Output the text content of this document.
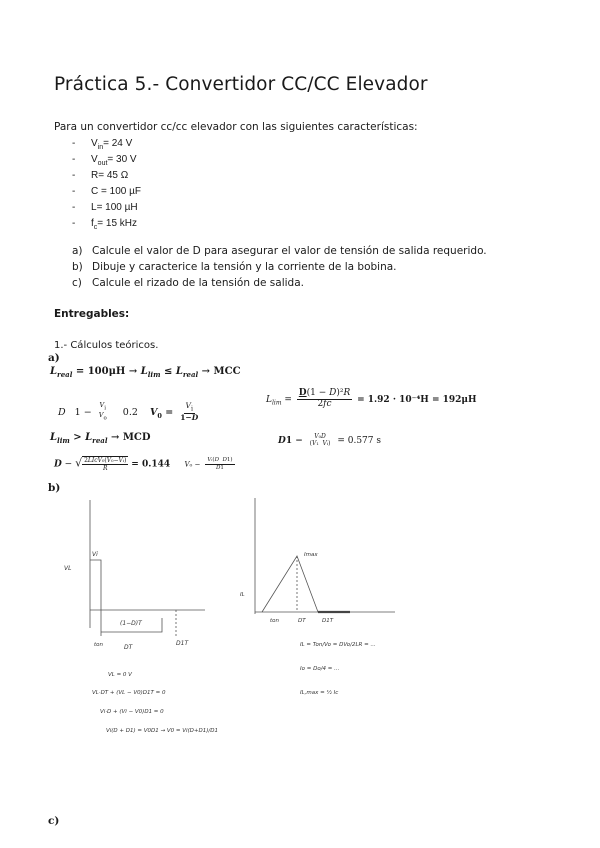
Práctica 5.- Convertidor CC/CC Elevador
Para un convertidor cc/cc elevador con las siguientes características:
- $V_{in}= 24$ V
- $V_{out}= 30$ V
- R= 45 Ω
- C = 100 µF
- L= 100 µH
- $f_c= 15$ kHz
a) Calcule el valor de D para asegurar el valor de tensión de salida requerido.
b) Dibuje y caracterice la tensión y la corriente de la bobina.
c) Calcule el rizado de la tensión de salida.
Entregables:
1.- Cálculos teóricos.
a)
$L_{real} = 100\mu H \to L_{lim} \le L_{real}$ → MCC
$L_{lim} = \frac{\text{D(1 − D)²R}}{2fc} = 1.92 \cdot 10^{-4}H = 192\mu H$
D   1 −
$V_i$
$V_o$
0.2 $V_0 = \frac{V_i}{1-D}$
$L_{lim} > L_{real}$ → MCD	D1 −	V₀D
(V₁  Vᵢ) = 0.577 s
D − √ 2LIcV₀(V₀−Vᵢ)
R	= 0.144 $V_0 - \frac{\text{Vᵢ(D D1)}}{D1}$
b)
Vi
VL
(1−D)T
ton	DT
D1T
VL = 0 V
VL·DT + (VL − V0)D1T = 0
Vi·D + (Vi − V0)D1 = 0
Vi(D + D1) = V0D1 → V0 = Vi(D+D1)/D1
Imax
IL
ton	DT	D1T
IL = Ton/Vo = DVo/2LR = ...
Io = Do/4 = ...
IL,max = ½ Ic
c)
